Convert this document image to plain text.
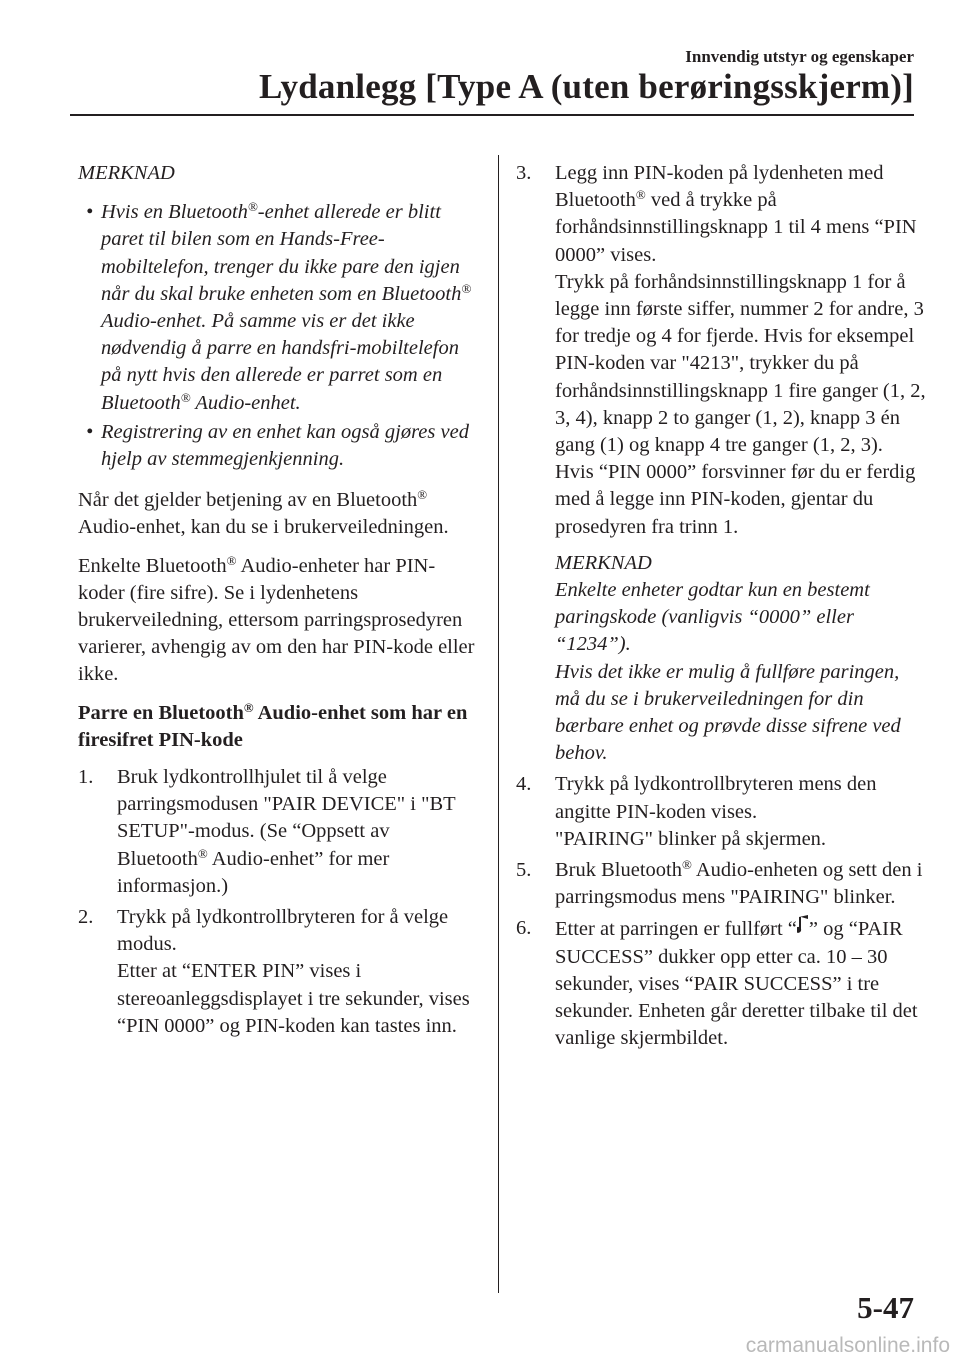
Innvendig utstyr og egenskaper
Lydanlegg [Type A (uten berøringsskjerm)]

MERKNAD

• Hvis en Bluetooth®-enhet allerede er blitt paret til bilen som en Hands-Free-mobiltelefon, trenger du ikke pare den igjen når du skal bruke enheten som en Bluetooth® Audio-enhet. På samme vis er det ikke nødvendig å parre en handsfri-mobiltelefon på nytt hvis den allerede er parret som en Bluetooth® Audio-enhet.
• Registrering av en enhet kan også gjøres ved hjelp av stemmegjenkjenning.

Når det gjelder betjening av en Bluetooth® Audio-enhet, kan du se i brukerveiledningen.

Enkelte Bluetooth® Audio-enheter har PIN-koder (fire sifre). Se i lydenhetens brukerveiledning, ettersom parringsprosedyren varierer, avhengig av om den har PIN-kode eller ikke.

Parre en Bluetooth® Audio-enhet som har en firesifret PIN-kode

1. Bruk lydkontrollhjulet til å velge parringsmodusen "PAIR DEVICE" i "BT SETUP"-modus. (Se “Oppsett av Bluetooth® Audio-enhet” for mer informasjon.)
2. Trykk på lydkontrollbryteren for å velge modus.
Etter at “ENTER PIN” vises i stereoanleggsdisplayet i tre sekunder, vises “PIN 0000” og PIN-koden kan tastes inn.
3. Legg inn PIN-koden på lydenheten med Bluetooth® ved å trykke på forhåndsinnstillingsknapp 1 til 4 mens “PIN 0000” vises.
Trykk på forhåndsinnstillingsknapp 1 for å legge inn første siffer, nummer 2 for andre, 3 for tredje og 4 for fjerde. Hvis for eksempel PIN-koden var "4213", trykker du på forhåndsinnstillingsknapp 1 fire ganger (1, 2, 3, 4), knapp 2 to ganger (1, 2), knapp 3 én gang (1) og knapp 4 tre ganger (1, 2, 3). Hvis “PIN 0000” forsvinner før du er ferdig med å legge inn PIN-koden, gjentar du prosedyren fra trinn 1.

MERKNAD

Enkelte enheter godtar kun en bestemt paringskode (vanligvis “0000” eller “1234”).
Hvis det ikke er mulig å fullføre paringen, må du se i brukerveiledningen for din bærbare enhet og prøvde disse sifrene ved behov.
4. Trykk på lydkontrollbryteren mens den angitte PIN-koden vises.
"PAIRING" blinker på skjermen.
5. Bruk Bluetooth® Audio-enheten og sett den i parringsmodus mens "PAIRING" blinker.
6. Etter at parringen er fullført “ ” og “PAIR SUCCESS” dukker opp etter ca. 10 – 30 sekunder, vises “PAIR SUCCESS” i tre sekunder. Enheten går deretter tilbake til det vanlige skjermbildet.
5-47
carmanualsonline.info
